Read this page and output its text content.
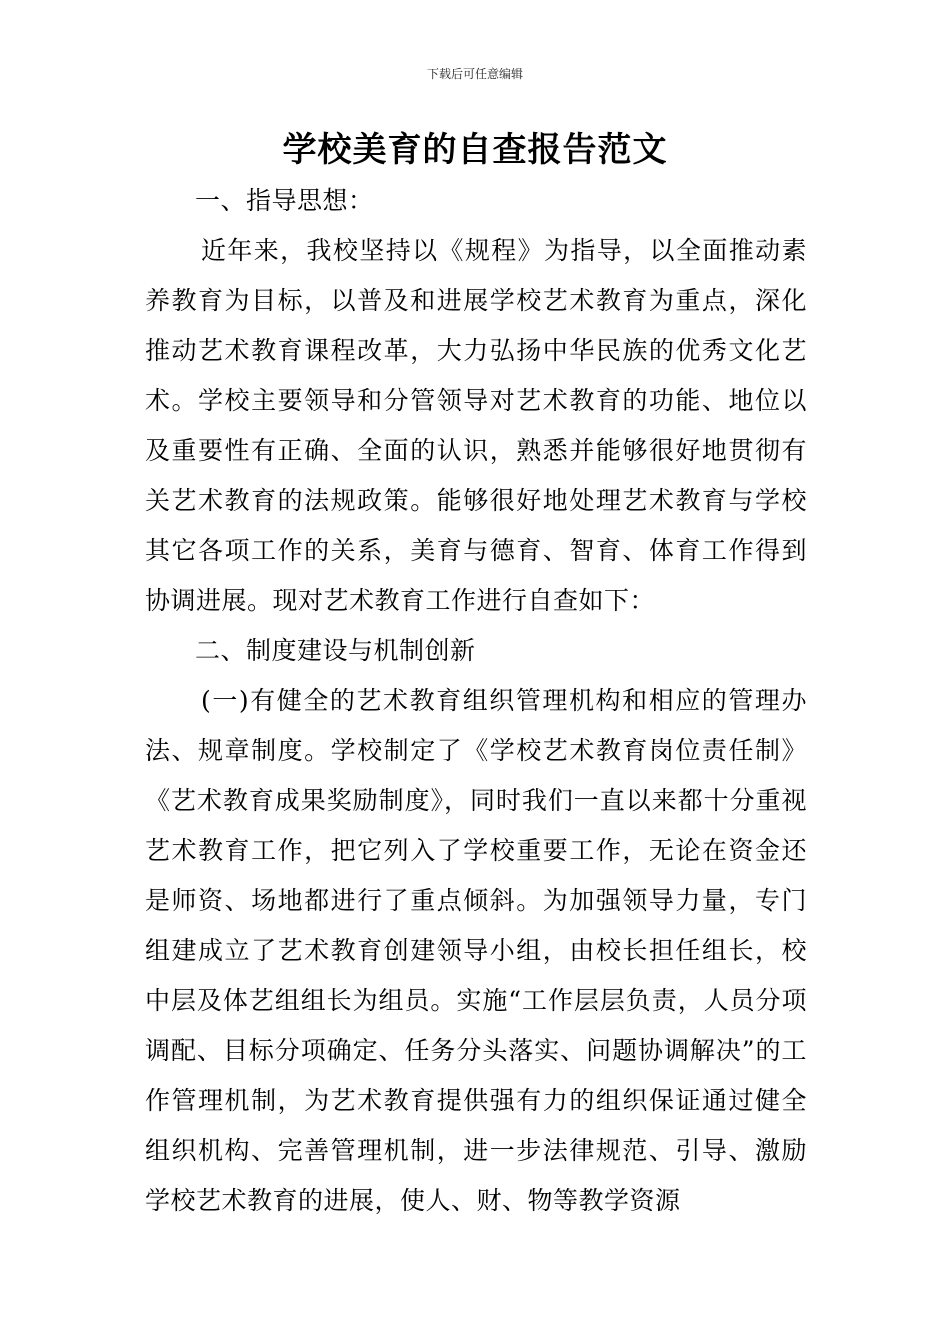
下载后可任意编辑
学校美育的自查报告范文

一、指导思想：

近年来，我校坚持以《规程》为指导，以全面推动素养教育为目标，以普及和进展学校艺术教育为重点，深化推动艺术教育课程改革，大力弘扬中华民族的优秀文化艺术。学校主要领导和分管领导对艺术教育的功能、地位以及重要性有正确、全面的认识，熟悉并能够很好地贯彻有关艺术教育的法规政策。能够很好地处理艺术教育与学校其它各项工作的关系，美育与德育、智育、体育工作得到协调进展。现对艺术教育工作进行自查如下：

二、制度建设与机制创新

(一)有健全的艺术教育组织管理机构和相应的管理办法、规章制度。学校制定了《学校艺术教育岗位责任制》《艺术教育成果奖励制度》，同时我们一直以来都十分重视艺术教育工作，把它列入了学校重要工作，无论在资金还是师资、场地都进行了重点倾斜。为加强领导力量，专门组建成立了艺术教育创建领导小组，由校长担任组长，校中层及体艺组组长为组员。实施“工作层层负责，人员分项调配、目标分项确定、任务分头落实、问题协调解决”的工作管理机制，为艺术教育提供强有力的组织保证通过健全组织机构、完善管理机制，进一步法律规范、引导、激励学校艺术教育的进展，使人、财、物等教学资源
